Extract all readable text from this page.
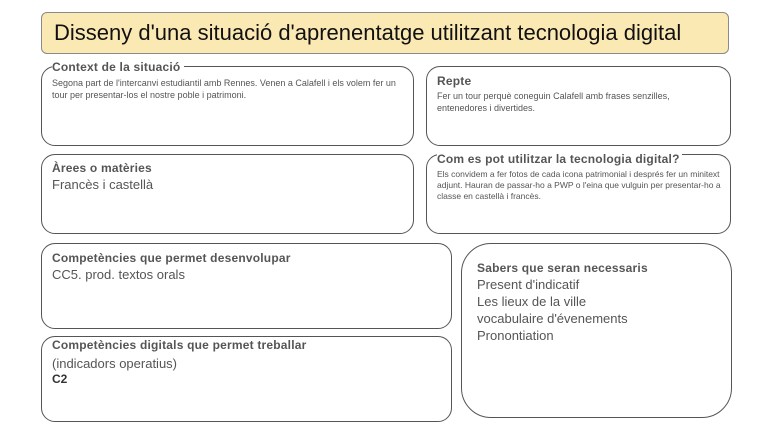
Disseny d'una situació d'aprenentatge utilitzant tecnologia digital

Context de la situació

Segona part de l'intercanvi estudiantil amb Rennes. Venen a Calafell i els volem fer un tour per presentar-los el nostre poble i patrimoni.

Repte

Fer un tour perquè coneguin Calafell amb frases senzilles, entenedores i divertides.

Àrees o matèries

Francès i castellà

Com es pot utilitzar la tecnologia digital?

Els convidem a fer fotos de cada icona patrimonial i després fer un minitext adjunt. Hauran de passar-ho a PWP o l'eina que vulguin per presentar-ho a classe en castellà i francès.

Competències que permet desenvolupar

CC5. prod. textos orals

Competències digitals que permet treballar

(indicadors operatius)

C2

Sabers que seran necessaris

Present d'indicatif

Les lieux de la ville

vocabulaire d'évenements

Pronontiation
